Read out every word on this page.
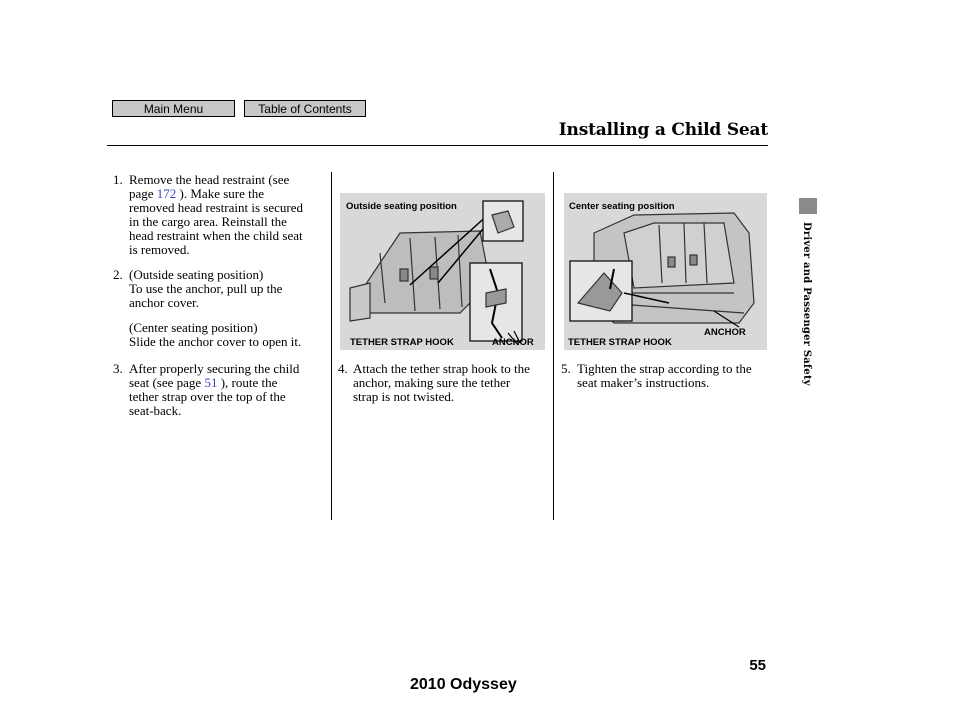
Main Menu	Table of Contents
Installing a Child Seat
Driver and Passenger Safety
1. Remove the head restraint (see
page 172 ). Make sure the
removed head restraint is secured
in the cargo area. Reinstall the
head restraint when the child seat
is removed.
2. (Outside seating position)
To use the anchor, pull up the
anchor cover.
(Center seating position)
Slide the anchor cover to open it.
3. After properly securing the child
seat (see page 51 ), route the
tether strap over the top of the
seat-back.
Outside seating position
TETHER STRAP HOOK	ANCHOR
Center seating position
ANCHOR
TETHER STRAP HOOK
4. Attach the tether strap hook to the
anchor, making sure the tether
strap is not twisted.
5. Tighten the strap according to the
seat maker’s instructions.
55
2010 Odyssey
